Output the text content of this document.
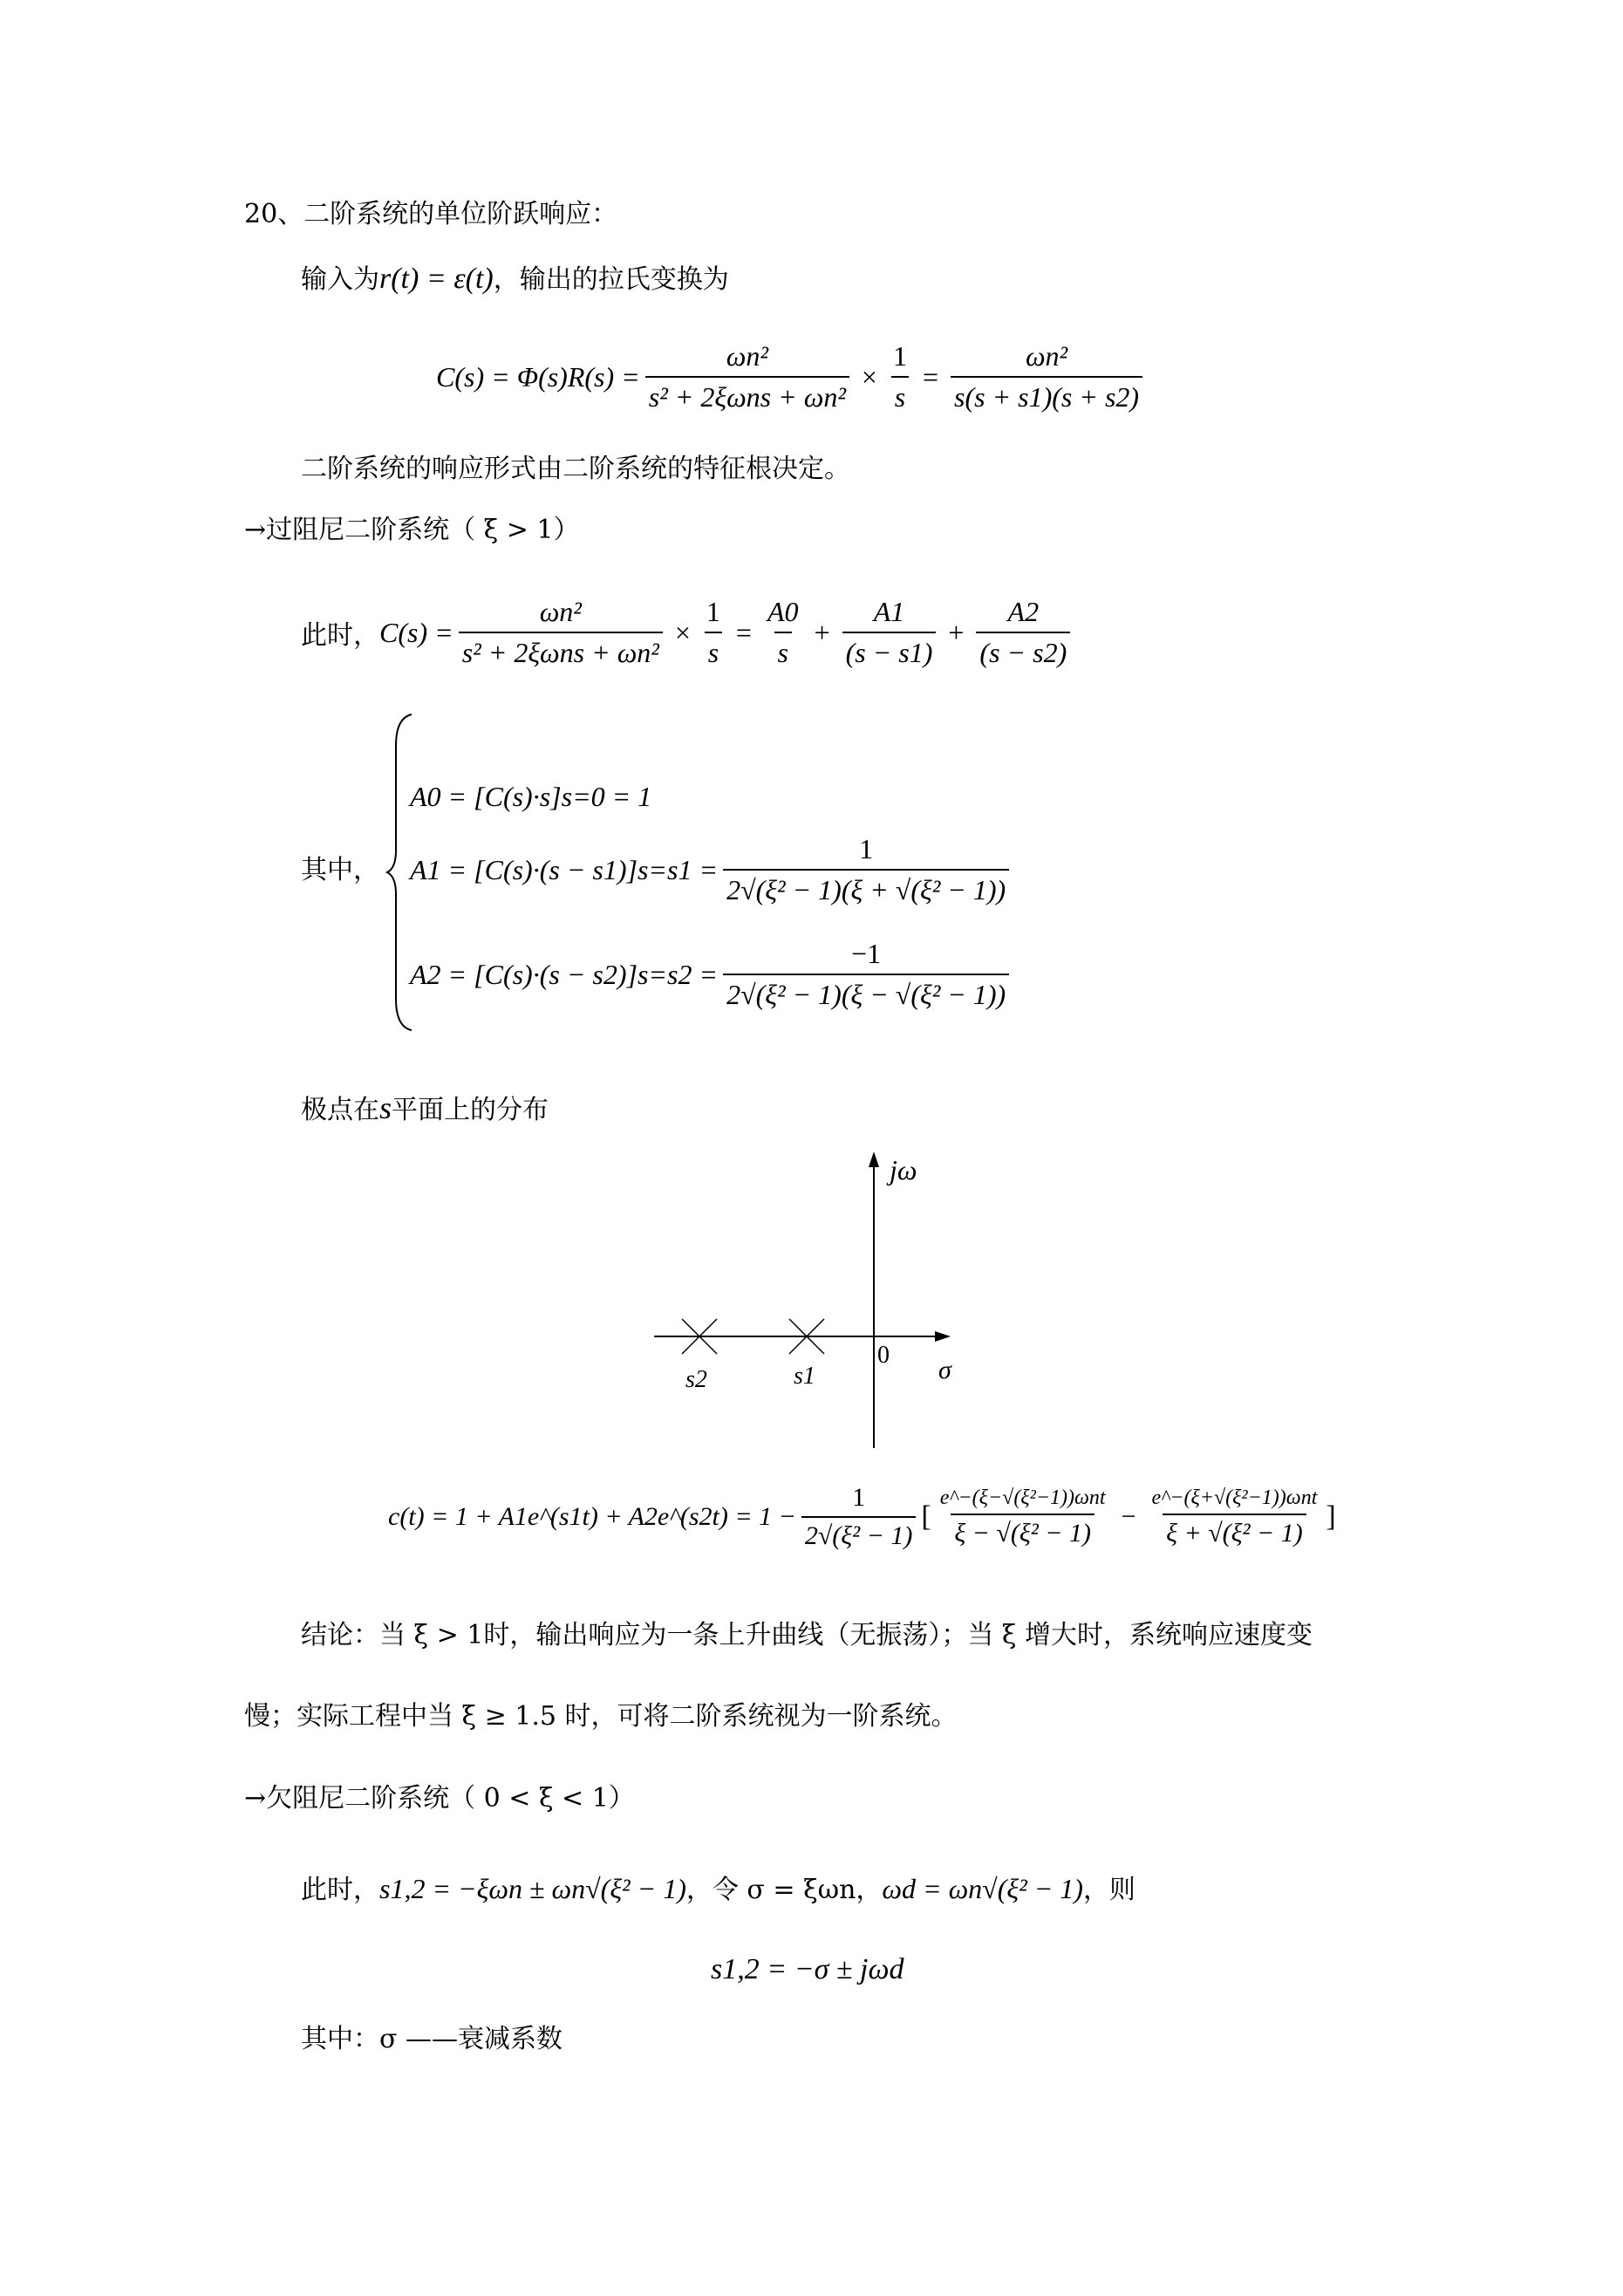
20、二阶系统的单位阶跃响应：
输入为r(t) = ε(t)，输出的拉氏变换为
$C(s) = \Phi(s)R(s) = \frac{\text{ωn²}}{\text{s² + 2ξωns + ωn²}} \times \frac{1}{s} = \frac{\text{ωn²}}{s(s + s1)(s + s2)}$
二阶系统的响应形式由二阶系统的特征根决定。
→过阻尼二阶系统（ ξ > 1）
此时， $C(s) = \frac{\text{ωn²}}{\text{s² + 2ξωns + ωn²}} \times \frac{1}{s} = \frac{A0}{s} + \frac{A1}{(s - s1)} + \frac{A2}{(s - s2)}$
其中，
A0 = [C(s)·s]s=0 = 1
$A1 = [C(s)\cdot(s - s1)]s=s1 = \frac{1}{\text{2√(ξ² − 1)(ξ + √(ξ² − 1))}}$
$A2 = [C(s)\cdot(s - s2)]s=s2 = \frac{-1}{\text{2√(ξ² − 1)(ξ − √(ξ² − 1))}}$
极点在s平面上的分布
jω
σ
0
s1
s2
c(t) = 1 + A1e^(s1t) + A2e^(s2t) = $1 - \frac{1}{\text{2√(ξ² − 1)}}$ [ $\frac{\text{e\textasciicircum{}−(ξ−√(ξ²−1))ωnt}}{\text{ξ − √(ξ² − 1)}} - \frac{\text{e\textasciicircum{}−(ξ+√(ξ²−1))ωnt}}{\text{ξ + √(ξ² − 1)}}$ ]
结论：当 ξ > 1时，输出响应为一条上升曲线（无振荡）；当 ξ 增大时，系统响应速度变
慢；实际工程中当 ξ ≥ 1.5 时，可将二阶系统视为一阶系统。
→欠阻尼二阶系统（ 0 < ξ < 1）
此时，s1,2 = −ξωn ± ωn√(ξ² − 1)，令 σ = ξωn，ωd = ωn√(ξ² − 1)，则
s1,2 = −σ ± jωd
其中：σ ——衰减系数
